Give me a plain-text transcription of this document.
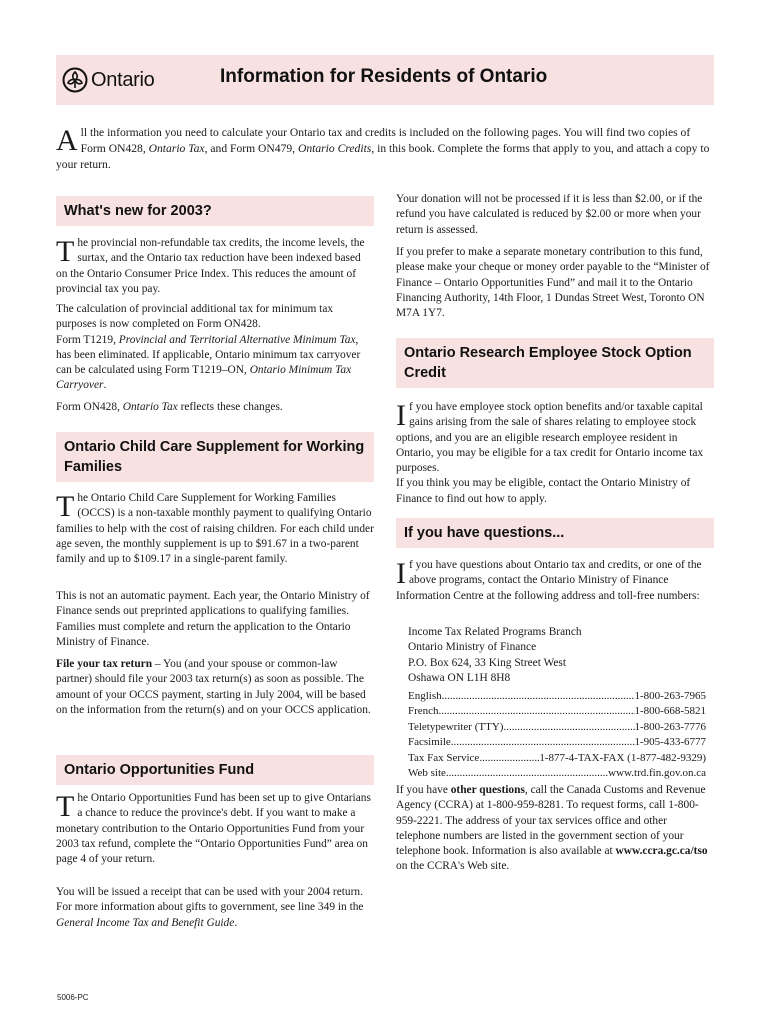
Ontario	Information for Residents of Ontario
All the information you need to calculate your Ontario tax and credits is included on the following pages. You will find two copies of Form ON428, Ontario Tax, and Form ON479, Ontario Credits, in this book. Complete the forms that apply to you, and attach a copy to your return.
What's new for 2003?

The provincial non-refundable tax credits, the income levels, the surtax, and the Ontario tax reduction have been indexed based on the Ontario Consumer Price Index. This reduces the amount of provincial tax you pay.

The calculation of provincial additional tax for minimum tax purposes is now completed on Form ON428.

Form T1219, Provincial and Territorial Alternative Minimum Tax, has been eliminated. If applicable, Ontario minimum tax carryover can be calculated using Form T1219–ON, Ontario Minimum Tax Carryover.

Form ON428, Ontario Tax reflects these changes.

Ontario Child Care Supplement for Working Families

The Ontario Child Care Supplement for Working Families (OCCS) is a non-taxable monthly payment to qualifying Ontario families to help with the cost of raising children. For each child under age seven, the monthly supplement is up to $91.67 in a two-parent family and up to $109.17 in a single-parent family.

This is not an automatic payment. Each year, the Ontario Ministry of Finance sends out preprinted applications to qualifying families. Families must complete and return the application to the Ontario Ministry of Finance.

File your tax return – You (and your spouse or common-law partner) should file your 2003 tax return(s) as soon as possible. The amount of your OCCS payment, starting in July 2004, will be based on the information from the return(s) and on your OCCS application.

Ontario Opportunities Fund

The Ontario Opportunities Fund has been set up to give Ontarians a chance to reduce the province's debt. If you want to make a monetary contribution to the Ontario Opportunities Fund from your 2003 tax refund, complete the “Ontario Opportunities Fund” area on page 4 of your return.

You will be issued a receipt that can be used with your 2004 return. For more information about gifts to government, see line 349 in the General Income Tax and Benefit Guide.

Your donation will not be processed if it is less than $2.00, or if the refund you have calculated is reduced by $2.00 or more when your return is assessed.

If you prefer to make a separate monetary contribution to this fund, please make your cheque or money order payable to the “Minister of Finance – Ontario Opportunities Fund” and mail it to the Ontario Financing Authority, 14th Floor, 1 Dundas Street West, Toronto ON M7A 1Y7.

Ontario Research Employee Stock Option Credit

If you have employee stock option benefits and/or taxable capital gains arising from the sale of shares relating to employee stock options, and you are an eligible research employee resident in Ontario, you may be eligible for a tax credit for Ontario income tax purposes.

If you think you may be eligible, contact the Ontario Ministry of Finance to find out how to apply.

If you have questions...

If you have questions about Ontario tax and credits, or one of the above programs, contact the Ontario Ministry of Finance Information Centre at the following address and toll-free numbers:

Income Tax Related Programs Branch
Ontario Ministry of Finance
P.O. Box 624, 33 King Street West
Oshawa ON L1H 8H8
English .....	1-800-263-7965
French .....	1-800-668-5821
Teletypewriter (TTY) .....	1-800-263-7776
Facsimile .....	1-905-433-6777
Tax Fax Service .....	1-877-4-TAX-FAX (1-877-482-9329)
Web site .....	www.trd.fin.gov.on.ca

If you have other questions, call the Canada Customs and Revenue Agency (CCRA) at 1-800-959-8281. To request forms, call 1-800-959-2221. The address of your tax services office and other telephone numbers are listed in the government section of your telephone book. Information is also available at www.ccra.gc.ca/tso on the CCRA's Web site.

5006-PC
